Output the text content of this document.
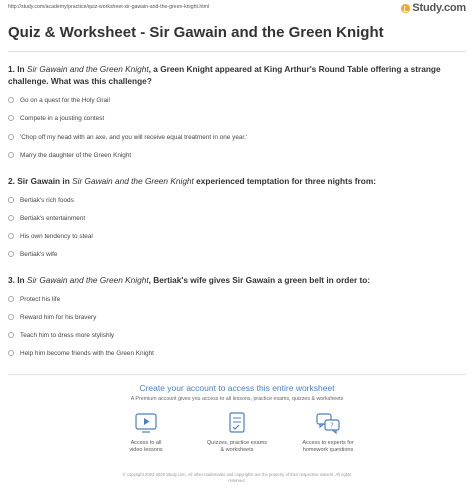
http://study.com/academy/practice/quiz-worksheet-sir-gawain-and-the-green-knight.html	Study.com
Quiz & Worksheet - Sir Gawain and the Green Knight

1. In Sir Gawain and the Green Knight, a Green Knight appeared at King Arthur's Round Table offering a strange
challenge. What was this challenge?

Go on a quest for the Holy Grail
Compete in a jousting contest
'Chop off my head with an axe, and you will receive equal treatment in one year.'
Marry the daughter of the Green Knight

2. Sir Gawain in Sir Gawain and the Green Knight experienced temptation for three nights from:

Bertiak's rich foods
Bertiak's entertainment
His own tendency to steal
Bertiak's wife

3. In Sir Gawain and the Green Knight, Bertiak's wife gives Sir Gawain a green belt in order to:

Protect his life
Reward him for his bravery
Teach him to dress more stylishly
Help him become friends with the Green Knight
Create your account to access this entire worksheet
A Premium account gives you access to all lessons, practice exams, quizzes & worksheets
Access to all
video lessons
Quizzes, practice exams
& worksheets
?
Access to experts for
homework questions
© copyright 2003-2020 Study.com. All other trademarks and copyrights are the property of their respective owners. All rights
reserved.
